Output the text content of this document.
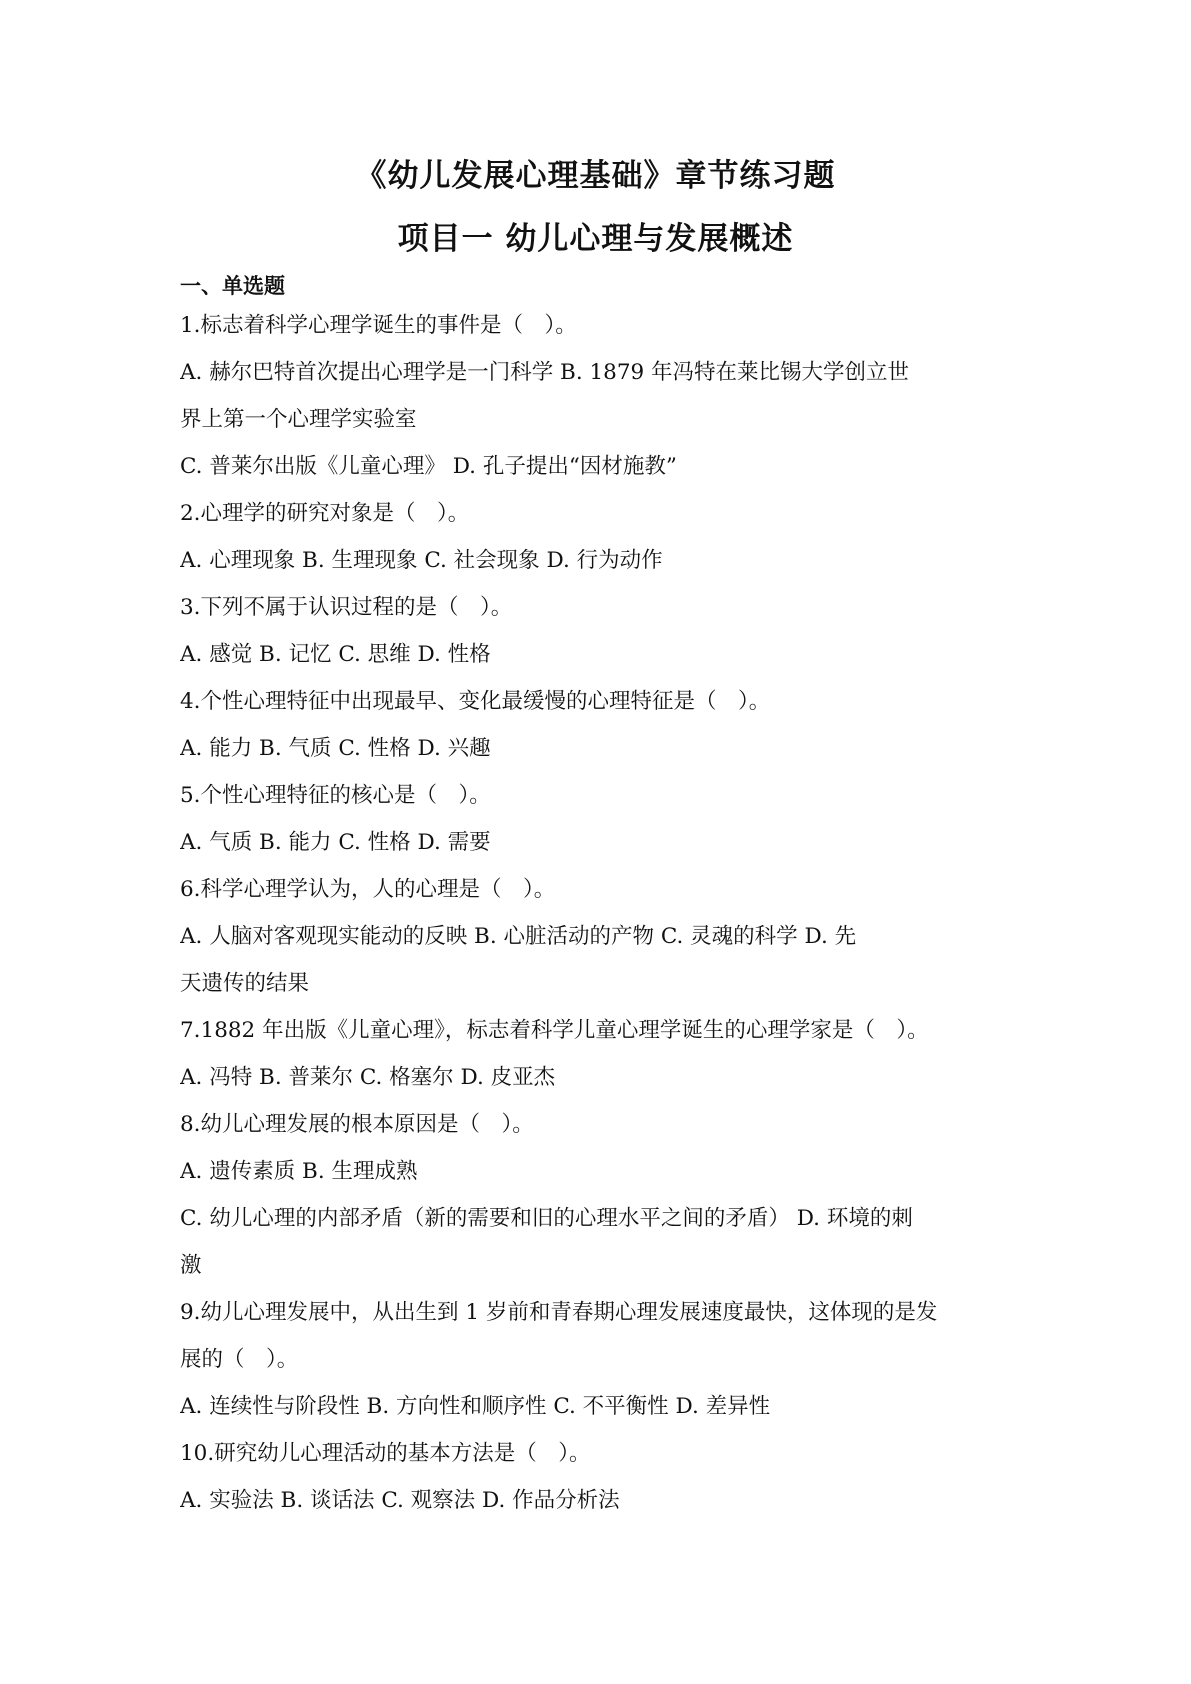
《幼儿发展心理基础》章节练习题
项目一 幼儿心理与发展概述
一、单选题
1.标志着科学心理学诞生的事件是（　）。
A. 赫尔巴特首次提出心理学是一门科学 B. 1879 年冯特在莱比锡大学创立世
界上第一个心理学实验室
C. 普莱尔出版《儿童心理》 D. 孔子提出“因材施教”
2.心理学的研究对象是（　）。
A. 心理现象 B. 生理现象 C. 社会现象 D. 行为动作
3.下列不属于认识过程的是（　）。
A. 感觉 B. 记忆 C. 思维 D. 性格
4.个性心理特征中出现最早、变化最缓慢的心理特征是（　）。
A. 能力 B. 气质 C. 性格 D. 兴趣
5.个性心理特征的核心是（　）。
A. 气质 B. 能力 C. 性格 D. 需要
6.科学心理学认为，人的心理是（　）。
A. 人脑对客观现实能动的反映 B. 心脏活动的产物 C. 灵魂的科学 D. 先
天遗传的结果
7.1882 年出版《儿童心理》，标志着科学儿童心理学诞生的心理学家是（　）。
A. 冯特 B. 普莱尔 C. 格塞尔 D. 皮亚杰
8.幼儿心理发展的根本原因是（　）。
A. 遗传素质 B. 生理成熟
C. 幼儿心理的内部矛盾（新的需要和旧的心理水平之间的矛盾） D. 环境的刺
激
9.幼儿心理发展中，从出生到 1 岁前和青春期心理发展速度最快，这体现的是发
展的（　）。
A. 连续性与阶段性 B. 方向性和顺序性 C. 不平衡性 D. 差异性
10.研究幼儿心理活动的基本方法是（　）。
A. 实验法 B. 谈话法 C. 观察法 D. 作品分析法
